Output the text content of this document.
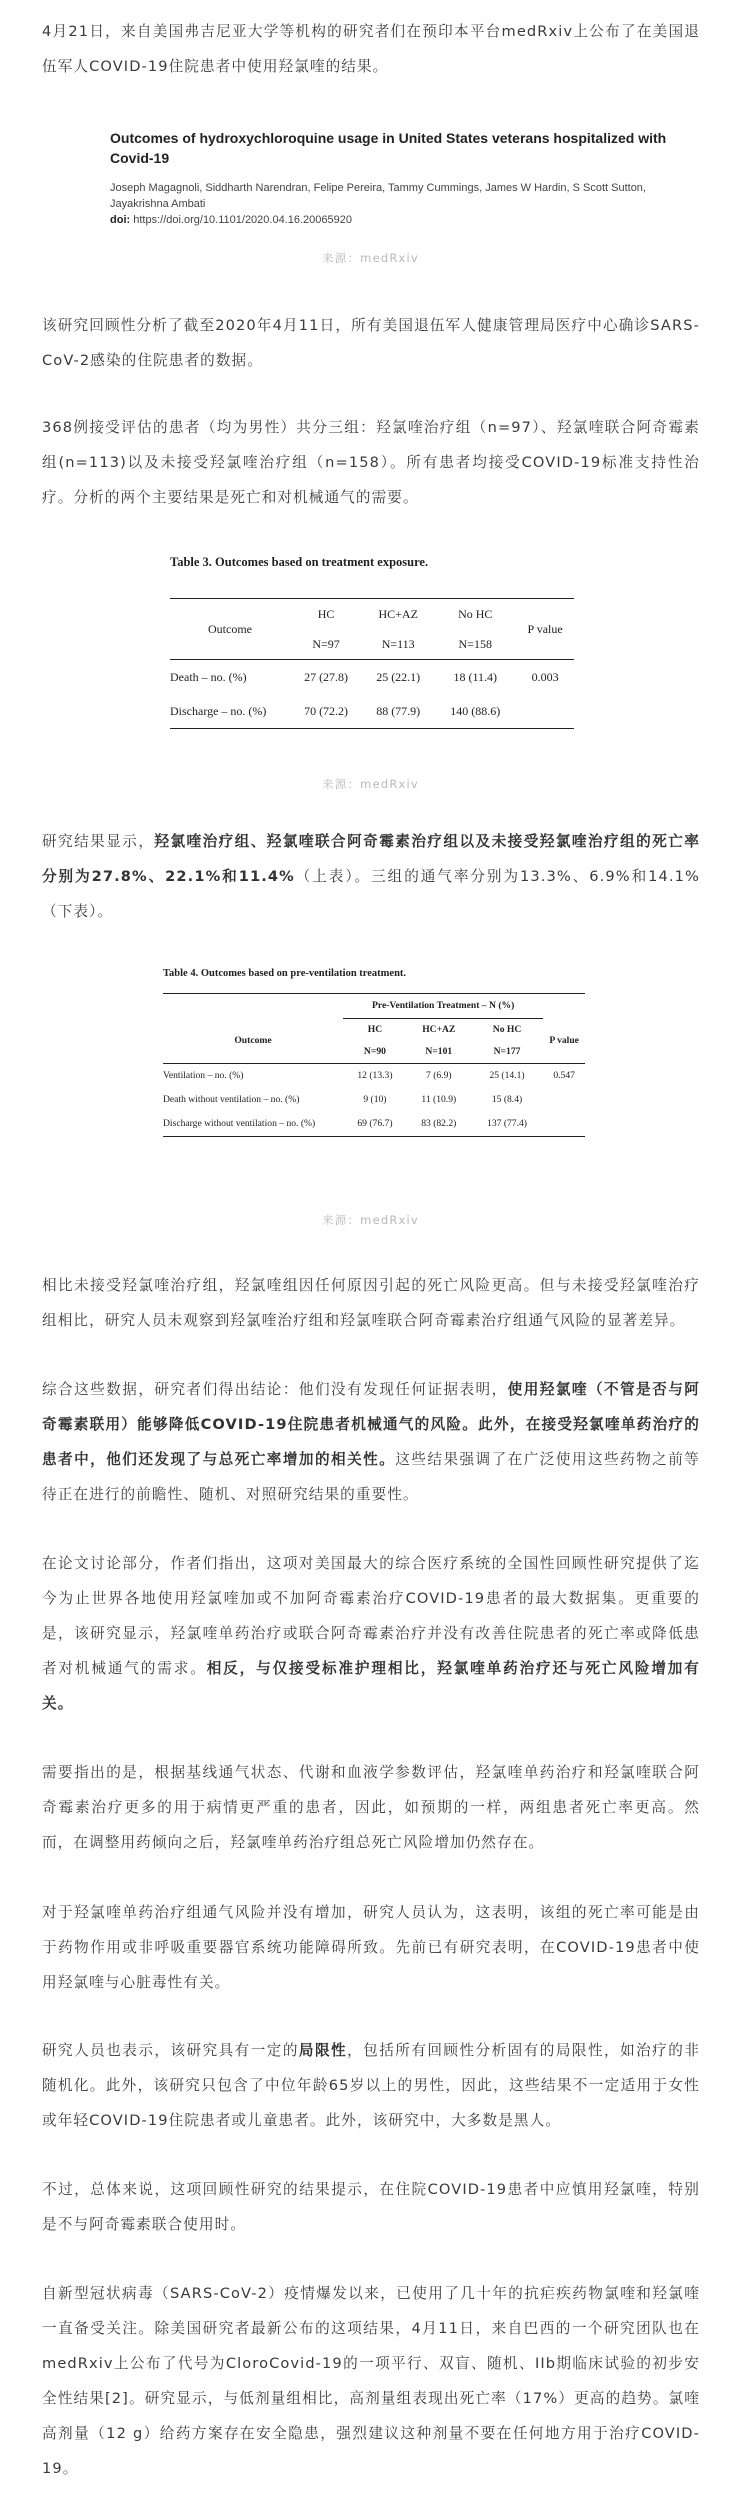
4月21日，来自美国弗吉尼亚大学等机构的研究者们在预印本平台medRxiv上公布了在美国退伍军人COVID-19住院患者中使用羟氯喹的结果。

Outcomes of hydroxychloroquine usage in United States veterans hospitalized with Covid-19

Joseph Magagnoli, Siddharth Narendran, Felipe Pereira, Tammy Cummings, James W Hardin, S Scott Sutton, Jayakrishna Ambati

doi: https://doi.org/10.1101/2020.04.16.20065920
来源：medRxiv

该研究回顾性分析了截至2020年4月11日，所有美国退伍军人健康管理局医疗中心确诊SARS-CoV-2感染的住院患者的数据。

368例接受评估的患者（均为男性）共分三组：羟氯喹治疗组（n=97）、羟氯喹联合阿奇霉素组(n=113)以及未接受羟氯喹治疗组（n=158）。所有患者均接受COVID-19标准支持性治疗。分析的两个主要结果是死亡和对机械通气的需要。

Table 3. Outcomes based on treatment exposure.
Outcome	HC	HC+AZ	No HC	P value
	N=97	N=113	N=158	
Death – no. (%)	27 (27.8)	25 (22.1)	18 (11.4)	0.003
Discharge – no. (%)	70 (72.2)	88 (77.9)	140 (88.6)	
来源：medRxiv

研究结果显示，羟氯喹治疗组、羟氯喹联合阿奇霉素治疗组以及未接受羟氯喹治疗组的死亡率分别为27.8%、22.1%和11.4%（上表）。三组的通气率分别为13.3%、6.9%和14.1%（下表）。

Table 4. Outcomes based on pre-ventilation treatment.
	Pre-Ventilation Treatment – N (%)			
Outcome	HC	HC+AZ	No HC	P value
	N=90	N=101	N=177	
Ventilation – no. (%)	12 (13.3)	7 (6.9)	25 (14.1)	0.547
Death without ventilation – no. (%)	9 (10)	11 (10.9)	15 (8.4)	
Discharge without ventilation – no. (%)	69 (76.7)	83 (82.2)	137 (77.4)	
来源：medRxiv

相比未接受羟氯喹治疗组，羟氯喹组因任何原因引起的死亡风险更高。但与未接受羟氯喹治疗组相比，研究人员未观察到羟氯喹治疗组和羟氯喹联合阿奇霉素治疗组通气风险的显著差异。

综合这些数据，研究者们得出结论：他们没有发现任何证据表明，使用羟氯喹（不管是否与阿奇霉素联用）能够降低COVID-19住院患者机械通气的风险。此外，在接受羟氯喹单药治疗的患者中，他们还发现了与总死亡率增加的相关性。这些结果强调了在广泛使用这些药物之前等待正在进行的前瞻性、随机、对照研究结果的重要性。

在论文讨论部分，作者们指出，这项对美国最大的综合医疗系统的全国性回顾性研究提供了迄今为止世界各地使用羟氯喹加或不加阿奇霉素治疗COVID-19患者的最大数据集。更重要的是，该研究显示，羟氯喹单药治疗或联合阿奇霉素治疗并没有改善住院患者的死亡率或降低患者对机械通气的需求。相反，与仅接受标准护理相比，羟氯喹单药治疗还与死亡风险增加有关。

需要指出的是，根据基线通气状态、代谢和血液学参数评估，羟氯喹单药治疗和羟氯喹联合阿奇霉素治疗更多的用于病情更严重的患者，因此，如预期的一样，两组患者死亡率更高。然而，在调整用药倾向之后，羟氯喹单药治疗组总死亡风险增加仍然存在。

对于羟氯喹单药治疗组通气风险并没有增加，研究人员认为，这表明，该组的死亡率可能是由于药物作用或非呼吸重要器官系统功能障碍所致。先前已有研究表明，在COVID-19患者中使用羟氯喹与心脏毒性有关。

研究人员也表示，该研究具有一定的局限性，包括所有回顾性分析固有的局限性，如治疗的非随机化。此外，该研究只包含了中位年龄65岁以上的男性，因此，这些结果不一定适用于女性或年轻COVID-19住院患者或儿童患者。此外，该研究中，大多数是黑人。

不过，总体来说，这项回顾性研究的结果提示，在住院COVID-19患者中应慎用羟氯喹，特别是不与阿奇霉素联合使用时。

自新型冠状病毒（SARS-CoV-2）疫情爆发以来，已使用了几十年的抗疟疾药物氯喹和羟氯喹一直备受关注。除美国研究者最新公布的这项结果，4月11日，来自巴西的一个研究团队也在medRxiv上公布了代号为CloroCovid-19的一项平行、双盲、随机、IIb期临床试验的初步安全性结果[2]。研究显示，与低剂量组相比，高剂量组表现出死亡率（17%）更高的趋势。氯喹高剂量（12 g）给药方案存在安全隐患，强烈建议这种剂量不要在任何地方用于治疗COVID-19。
